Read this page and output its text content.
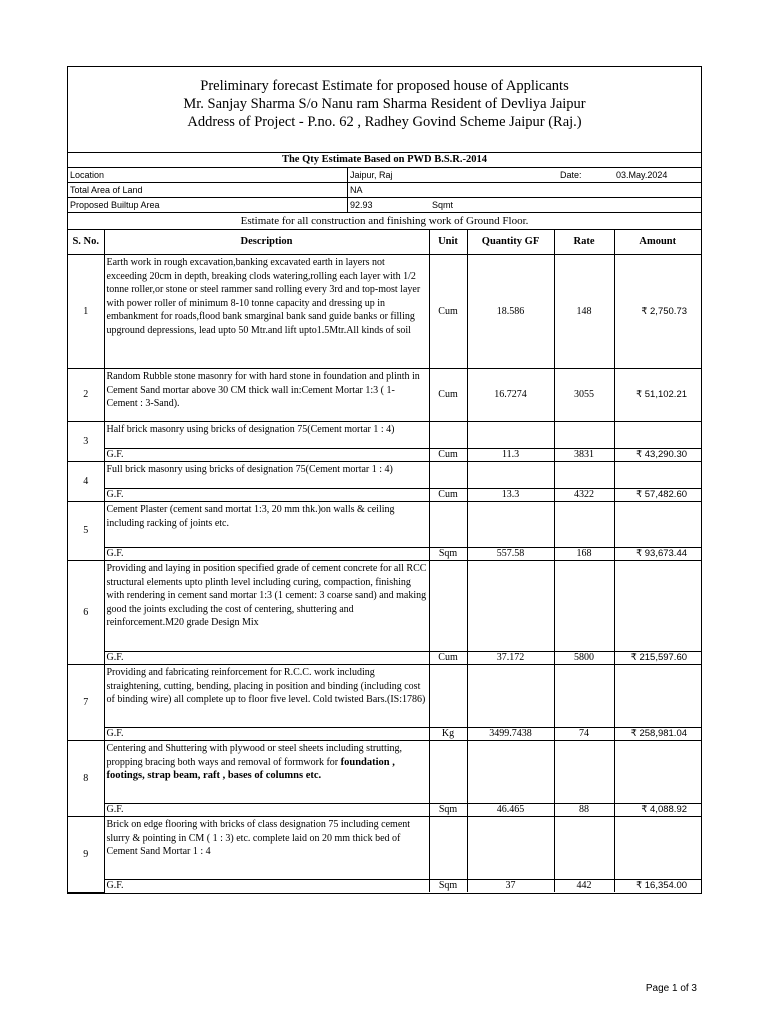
Preliminary forecast Estimate for proposed house of Applicants
Mr. Sanjay Sharma S/o Nanu ram Sharma Resident of Devliya Jaipur
Address of Project - P.no. 62 , Radhey Govind Scheme Jaipur (Raj.)
The Qty Estimate Based on PWD B.S.R.-2014
Location	Jaipur, Raj	Date:	03.May.2024
Total Area of Land	NA
Proposed Builtup Area	92.93	Sqmt
Estimate for all construction and finishing work of Ground Floor.
S. No.	Description	Unit	Quantity GF	Rate	Amount
1	Earth work in rough excavation,banking excavated earth in layers not exceeding 20cm in depth, breaking clods watering,rolling each layer with 1/2 tonne roller,or stone or steel rammer sand rolling every 3rd and top-most layer with power roller of minimum 8-10 tonne capacity and dressing up in embankment for roads,flood bank smarginal bank sand guide banks or filling upground depressions, lead upto 50 Mtr.and lift upto1.5Mtr.All kinds of soil	Cum	18.586	148	₹ 2,750.73
2	Random Rubble stone masonry for with hard stone in foundation and plinth in Cement Sand mortar above 30 CM thick wall in:Cement Mortar 1:3 ( 1- Cement : 3-Sand).	Cum	16.7274	3055	₹ 51,102.21
3	Half brick masonry using bricks of designation 75(Cement mortar 1 : 4)				
	G.F.	Cum	11.3	3831	₹ 43,290.30
4	Full brick masonry using bricks of designation 75(Cement mortar 1 : 4)				
	G.F.	Cum	13.3	4322	₹ 57,482.60
5	Cement Plaster (cement sand mortat 1:3, 20 mm thk.)on walls & ceiling including racking of joints etc.				
	G.F.	Sqm	557.58	168	₹ 93,673.44
6	Providing and laying in position specified grade of cement concrete for all RCC structural elements upto plinth level including curing, compaction, finishing with rendering in cement sand mortar 1:3 (1 cement: 3 coarse sand) and making good the joints excluding the cost of centering, shuttering and reinforcement.M20 grade Design Mix				
	G.F.	Cum	37.172	5800	₹ 215,597.60
7	Providing and fabricating reinforcement for R.C.C. work including straightening, cutting, bending, placing in position and binding (including cost of binding wire) all complete up to floor five level. Cold twisted Bars.(IS:1786)				
	G.F.	Kg	3499.7438	74	₹ 258,981.04
8	Centering and Shuttering with plywood or steel sheets including strutting, propping bracing both ways and removal of formwork for foundation , footings, strap beam, raft , bases of columns etc.				
	G.F.	Sqm	46.465	88	₹ 4,088.92
9	Brick on edge flooring with bricks of class designation 75 including cement slurry & pointing in CM ( 1 : 3) etc. complete laid on 20 mm thick bed of Cement Sand Mortar 1 : 4				
	G.F.	Sqm	37	442	₹ 16,354.00
Page 1 of 3
